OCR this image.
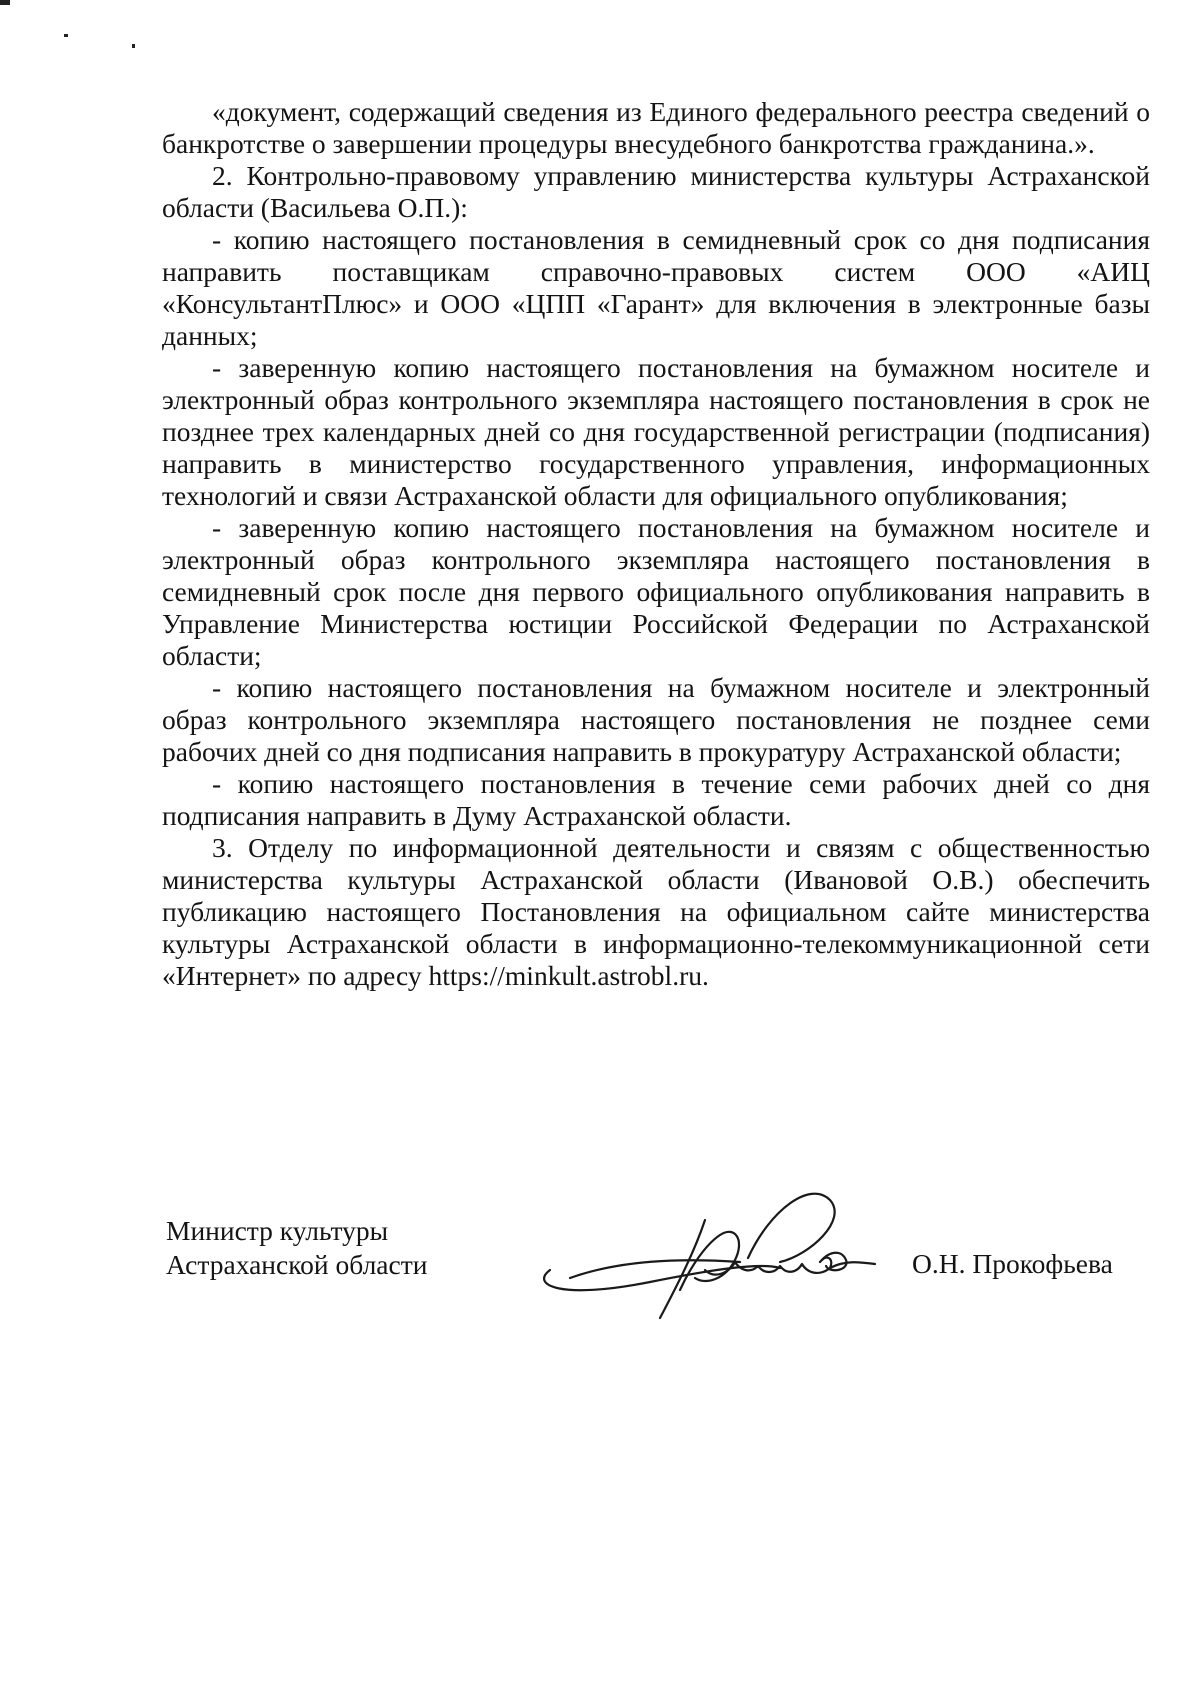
«документ, содержащий сведения из Единого федерального реестра сведений о банкротстве о завершении процедуры внесудебного банкротства гражданина.».

2. Контрольно-правовому управлению министерства культуры Астраханской области (Васильева О.П.):

- копию настоящего постановления в семидневный срок со дня подписания направить поставщикам справочно-правовых систем ООО «АИЦ «КонсультантПлюс» и ООО «ЦПП «Гарант» для включения в электронные базы данных;

- заверенную копию настоящего постановления на бумажном носителе и электронный образ контрольного экземпляра настоящего постановления в срок не позднее трех календарных дней со дня государственной регистрации (подписания) направить в министерство государственного управления, информационных технологий и связи Астраханской области для официального опубликования;

- заверенную копию настоящего постановления на бумажном носителе и электронный образ контрольного экземпляра настоящего постановления в семидневный срок после дня первого официального опубликования направить в Управление Министерства юстиции Российской Федерации по Астраханской области;

- копию настоящего постановления на бумажном носителе и электронный образ контрольного экземпляра настоящего постановления не позднее семи рабочих дней со дня подписания направить в прокуратуру Астраханской области;

- копию настоящего постановления в течение семи рабочих дней со дня подписания направить в Думу Астраханской области.

3. Отделу по информационной деятельности и связям с общественностью министерства культуры Астраханской области (Ивановой О.В.) обеспечить публикацию настоящего Постановления на официальном сайте министерства культуры Астраханской области в информационно-телекоммуникационной сети «Интернет» по адресу https://minkult.astrobl.ru.

Министр культуры
Астраханской области	О.Н. Прокофьева
